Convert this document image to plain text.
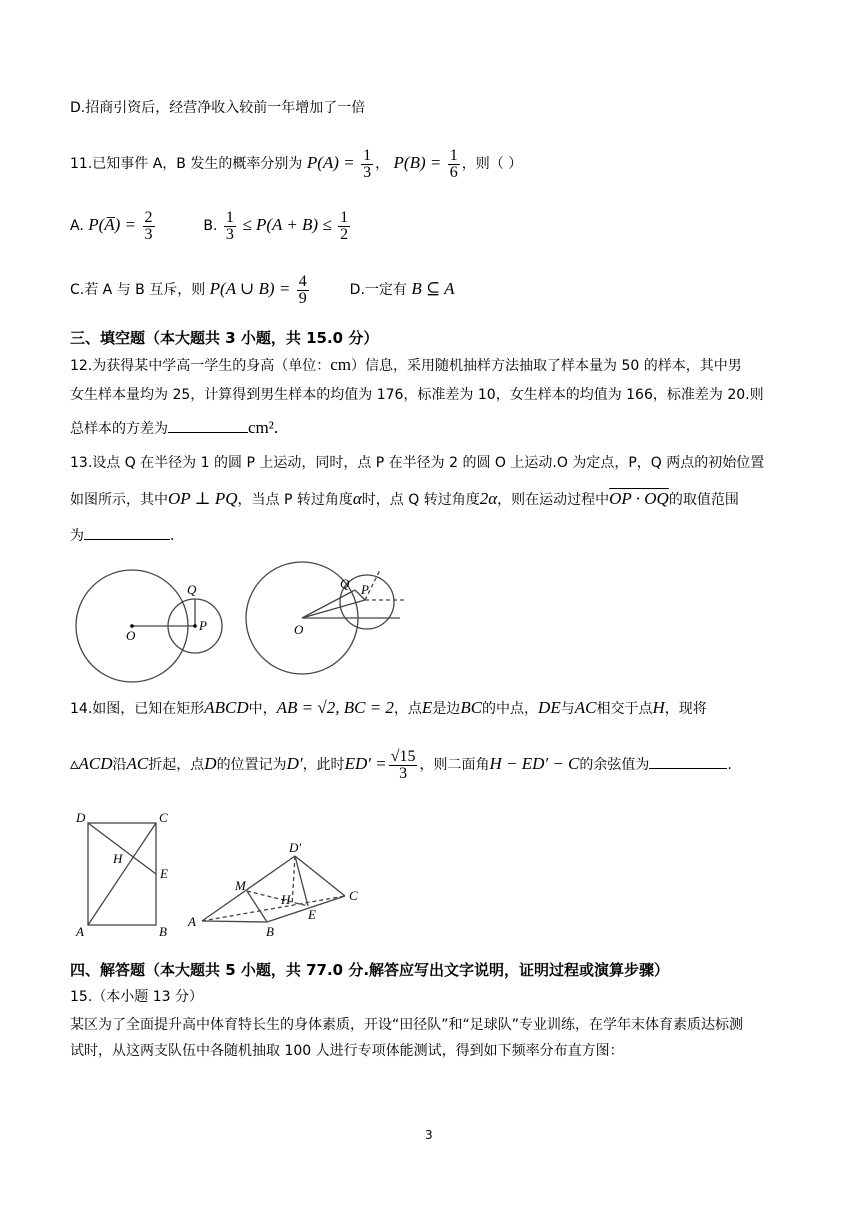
D.招商引资后，经营净收入较前一年增加了一倍
11.已知事件 A，B 发生的概率分别为 $P(A) = \frac{1}{3}$ ， $P(B) = \frac{1}{6}$ ，则（ ）
A. P(A̅) = $\frac{2}{3}$	B. $\frac{1}{3} \le P(A + B) \le \frac{1}{2}$
C.若 A 与 B 互斥，则 P(A ∪ $B) = \frac{4}{9}$	D.一定有 B ⊆ A
三、填空题（本大题共 3 小题，共 15.0 分）
12.为获得某中学高一学生的身高（单位：cm）信息，采用随机抽样方法抽取了样本量为 50 的样本，其中男
女生样本量均为 25，计算得到男生样本的均值为 176，标准差为 10，女生样本的均值为 166，标准差为 20.则
总样本的方差为	cm².
13.设点 Q 在半径为 1 的圆 P 上运动，同时，点 P 在半径为 2 的圆 O 上运动.O 为定点，P，Q 两点的初始位置
如图所示，其中OP ⊥ PQ，当点 P 转过角度α时，点 Q 转过角度2α，则在运动过程中OP · OQ的取值范围
为	.
Q
O
P
Q P
O
14.如图，已知在矩形ABCD中，AB = √2, BC = 2，点E是边BC的中点，DE与AC相交于点H，现将
▵ACD沿AC折起，点D的位置记为D′，此时$ED' = \frac{√15}{3}$ ，则二面角H − ED′ − C的余弦值为	.
D	C
H
E
A	B
D′
M
H
E
C
A
B
四、解答题（本大题共 5 小题，共 77.0 分.解答应写出文字说明，证明过程或演算步骤）
15.（本小题 13 分）
某区为了全面提升高中体育特长生的身体素质，开设“田径队”和“足球队”专业训练，在学年末体育素质达标测
试时，从这两支队伍中各随机抽取 100 人进行专项体能测试，得到如下频率分布直方图：
3
